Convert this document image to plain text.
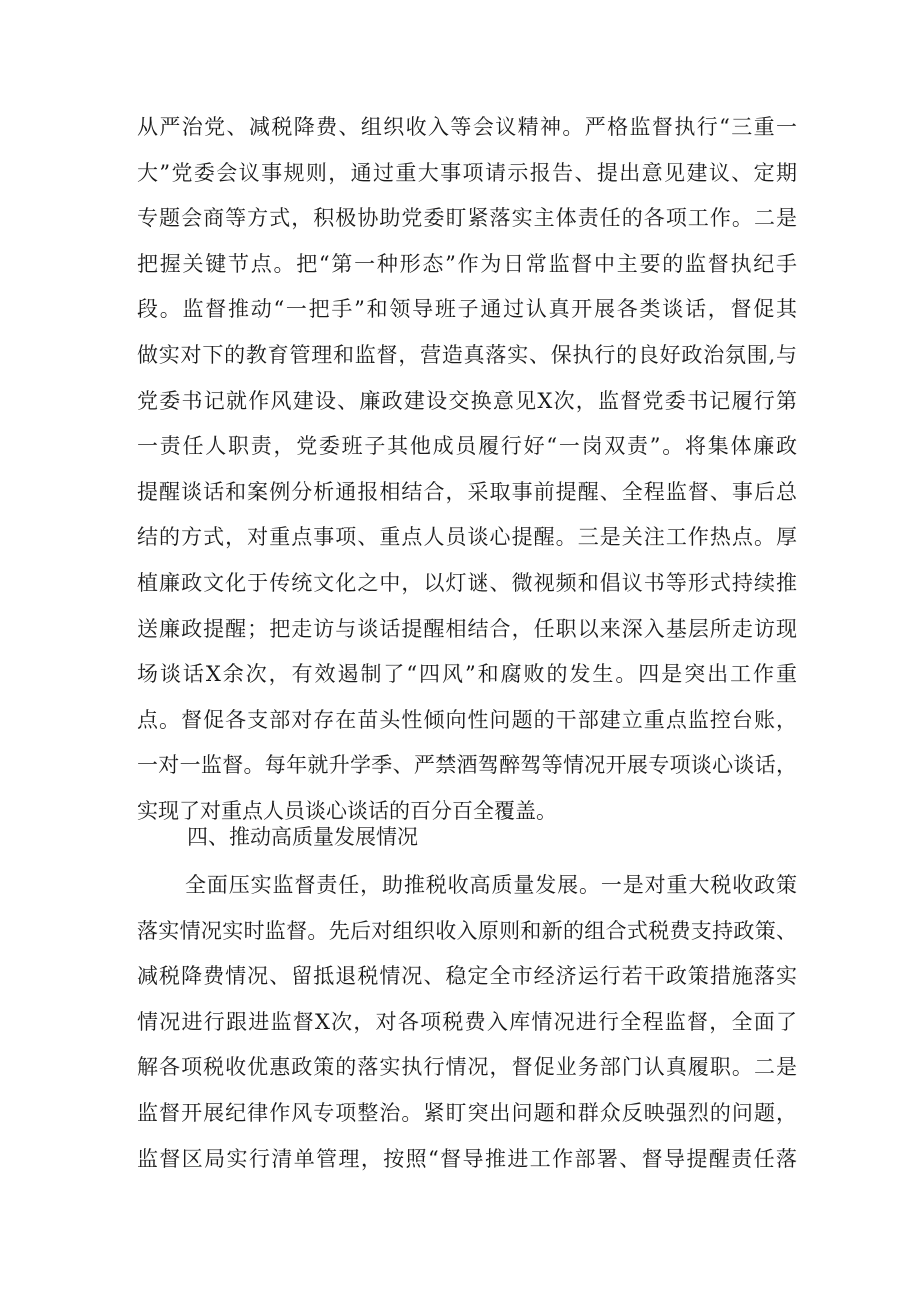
从严治党、减税降费、组织收入等会议精神。严格监督执行“三重一
大”党委会议事规则，通过重大事项请示报告、提出意见建议、定期
专题会商等方式，积极协助党委盯紧落实主体责任的各项工作。二是
把握关键节点。把“第一种形态”作为日常监督中主要的监督执纪手
段。监督推动“一把手”和领导班子通过认真开展各类谈话，督促其
做实对下的教育管理和监督，营造真落实、保执行的良好政治氛围,与
党委书记就作风建设、廉政建设交换意见X次，监督党委书记履行第
一责任人职责，党委班子其他成员履行好“一岗双责”。将集体廉政
提醒谈话和案例分析通报相结合，采取事前提醒、全程监督、事后总
结的方式，对重点事项、重点人员谈心提醒。三是关注工作热点。厚
植廉政文化于传统文化之中，以灯谜、微视频和倡议书等形式持续推
送廉政提醒；把走访与谈话提醒相结合，任职以来深入基层所走访现
场谈话X余次，有效遏制了“四风”和腐败的发生。四是突出工作重
点。督促各支部对存在苗头性倾向性问题的干部建立重点监控台账，
一对一监督。每年就升学季、严禁酒驾醉驾等情况开展专项谈心谈话，
实现了对重点人员谈心谈话的百分百全覆盖。
四、推动高质量发展情况
全面压实监督责任，助推税收高质量发展。一是对重大税收政策
落实情况实时监督。先后对组织收入原则和新的组合式税费支持政策、
减税降费情况、留抵退税情况、稳定全市经济运行若干政策措施落实
情况进行跟进监督X次，对各项税费入库情况进行全程监督，全面了
解各项税收优惠政策的落实执行情况，督促业务部门认真履职。二是
监督开展纪律作风专项整治。紧盯突出问题和群众反映强烈的问题，
监督区局实行清单管理，按照“督导推进工作部署、督导提醒责任落
